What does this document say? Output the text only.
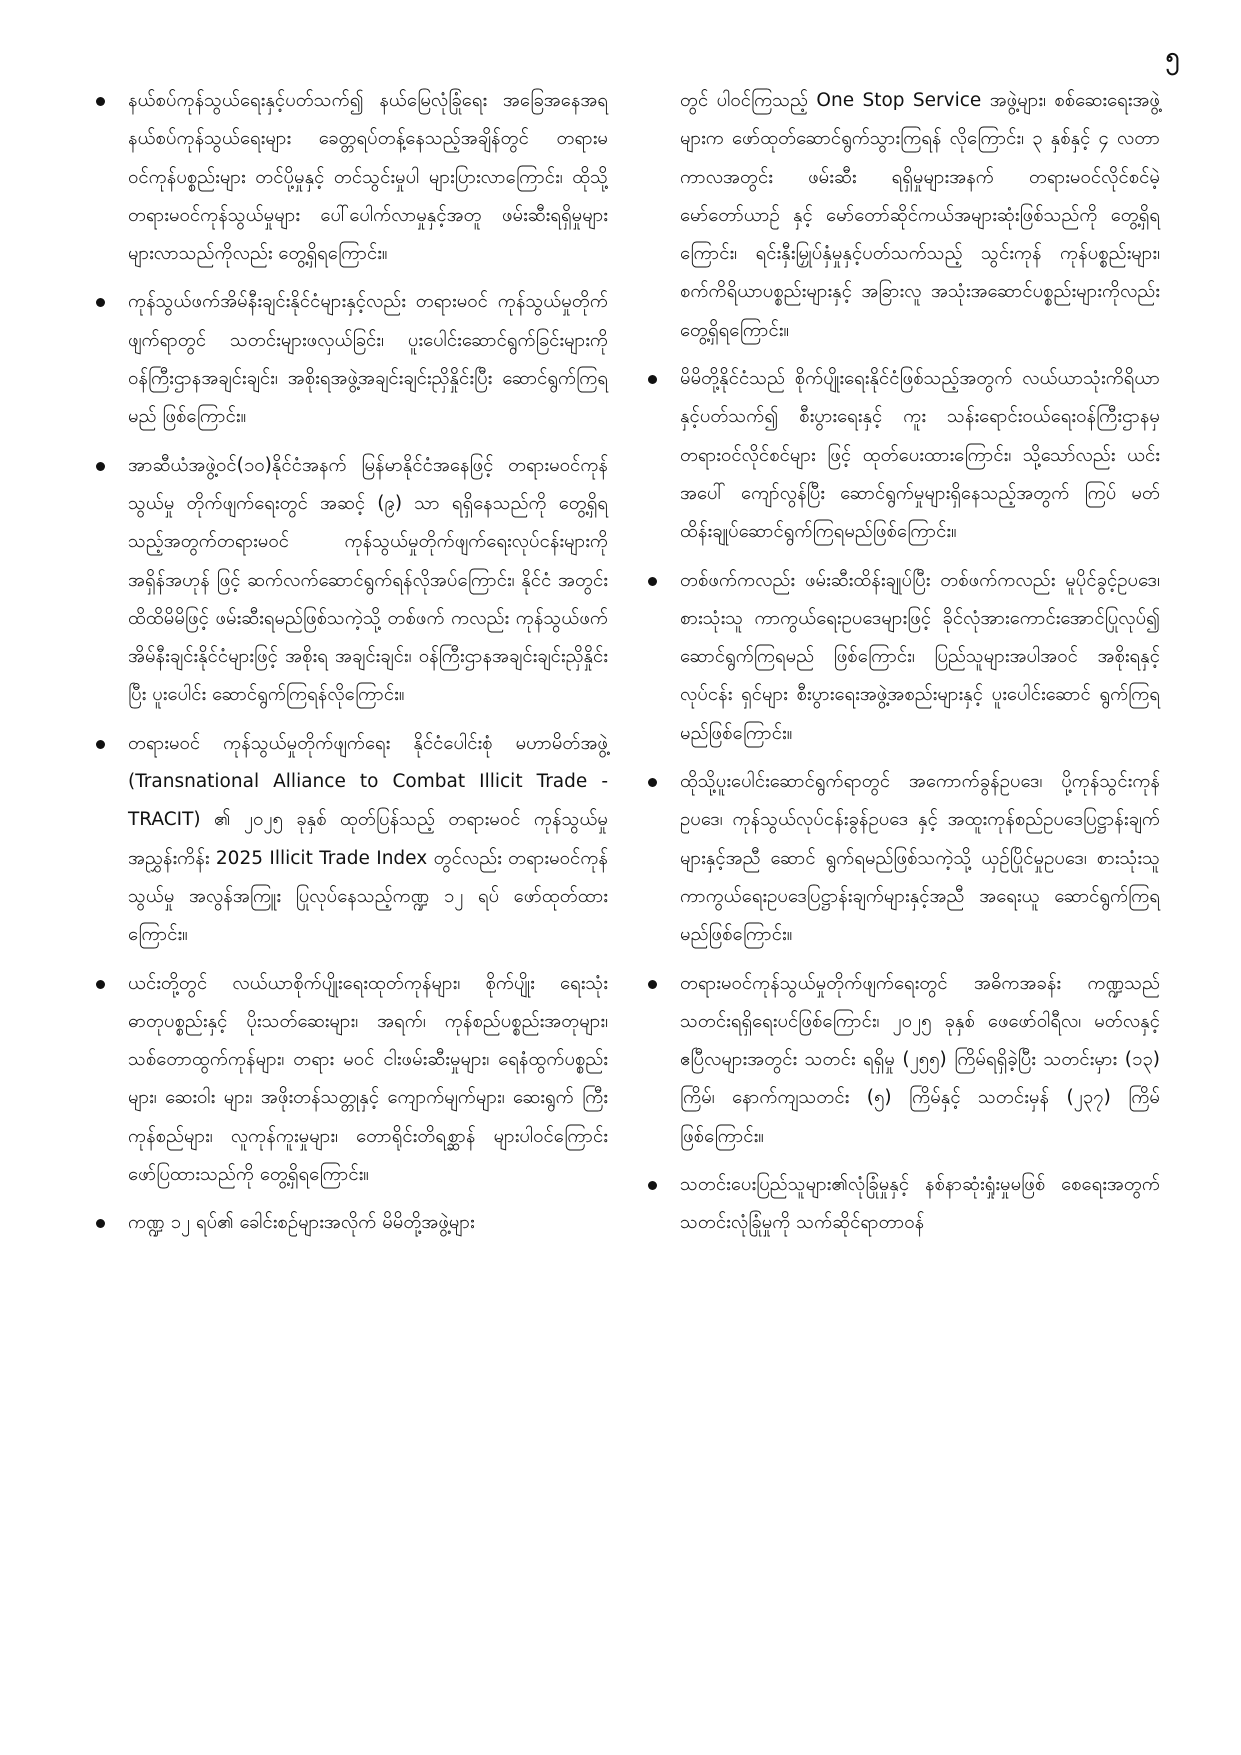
၅
နယ်စပ်ကုန်သွယ်ရေးနှင့်ပတ်သက်၍ နယ်မြေလုံခြုံရေး အခြေအနေအရ နယ်စပ်ကုန်သွယ်ရေးများ ခေတ္တရပ်တန့်နေသည့်အချိန်တွင် တရားမဝင်ကုန်ပစ္စည်းများ တင်ပို့မှုနှင့် တင်သွင်းမှုပါ များပြားလာကြောင်း၊ ထိုသို့ တရားမဝင်ကုန်သွယ်မှုများ ပေါ်ပေါက်လာမှုနှင့်အတူ ဖမ်းဆီးရရှိမှုများ များလာသည်ကိုလည်း တွေ့ရှိရကြောင်း။
ကုန်သွယ်ဖက်အိမ်နီးချင်းနိုင်ငံများနှင့်လည်း တရားမဝင် ကုန်သွယ်မှုတိုက်ဖျက်ရာတွင် သတင်းများဖလှယ်ခြင်း၊ ပူးပေါင်းဆောင်ရွက်ခြင်းများကို ဝန်ကြီးဌာနအချင်းချင်း၊ အစိုးရအဖွဲ့အချင်းချင်းညှိနှိုင်းပြီး ဆောင်ရွက်ကြရမည် ဖြစ်ကြောင်း။
အာဆီယံအဖွဲ့ဝင်(၁၀)နိုင်ငံအနက် မြန်မာနိုင်ငံအနေဖြင့် တရားမဝင်ကုန်သွယ်မှု တိုက်ဖျက်ရေးတွင် အဆင့် (၉) သာ ရရှိနေသည်ကို တွေ့ရှိရသည့်အတွက်တရားမဝင် ကုန်သွယ်မှုတိုက်ဖျက်ရေးလုပ်ငန်းများကို အရှိန်အဟုန် ဖြင့် ဆက်လက်ဆောင်ရွက်ရန်လိုအပ်ကြောင်း၊ နိုင်ငံ အတွင်း ထိထိမိမိဖြင့် ဖမ်းဆီးရမည်ဖြစ်သကဲ့သို့ တစ်ဖက် ကလည်း ကုန်သွယ်ဖက်အိမ်နီးချင်းနိုင်ငံများဖြင့် အစိုးရ အချင်းချင်း၊ ဝန်ကြီးဌာနအချင်းချင်းညှိနှိုင်းပြီး ပူးပေါင်း ဆောင်ရွက်ကြရန်လိုကြောင်း။
တရားမဝင် ကုန်သွယ်မှုတိုက်ဖျက်ရေး နိုင်ငံပေါင်းစုံ မဟာမိတ်အဖွဲ့ (Transnational Alliance to Combat Illicit Trade - TRACIT) ၏ ၂၀၂၅ ခုနှစ် ထုတ်ပြန်သည့် တရားမဝင် ကုန်သွယ်မှုအညွှန်းကိန်း 2025 Illicit Trade Index တွင်လည်း တရားမဝင်ကုန်သွယ်မှု အလွန်အကြူး ပြုလုပ်နေသည့်ကဏ္ဍ ၁၂ ရပ် ဖော်ထုတ်ထားကြောင်း။
ယင်းတို့တွင် လယ်ယာစိုက်ပျိုးရေးထုတ်ကုန်များ၊ စိုက်ပျိုး ရေးသုံး ဓာတုပစ္စည်းနှင့် ပိုးသတ်ဆေးများ၊ အရက်၊ ကုန်စည်ပစ္စည်းအတုများ၊ သစ်တောထွက်ကုန်များ၊ တရား မဝင် ငါးဖမ်းဆီးမှုများ၊ ရေနံထွက်ပစ္စည်းများ၊ ဆေးဝါး များ၊ အဖိုးတန်သတ္တုနှင့် ကျောက်မျက်များ၊ ဆေးရွက် ကြီးကုန်စည်များ၊ လူကုန်ကူးမှုများ၊ တောရိုင်းတိရစ္ဆာန် များပါဝင်ကြောင်း ဖော်ပြထားသည်ကို တွေ့ရှိရကြောင်း။
ကဏ္ဍ ၁၂ ရပ်၏ ခေါင်းစဉ်များအလိုက် မိမိတို့အဖွဲ့များ
တွင် ပါဝင်ကြသည့် One Stop Service အဖွဲ့များ၊ စစ်ဆေးရေးအဖွဲ့များက ဖော်ထုတ်ဆောင်ရွက်သွားကြရန် လိုကြောင်း၊ ၃ နှစ်နှင့် ၄ လတာကာလအတွင်း ဖမ်းဆီး ရရှိမှုများအနက် တရားမဝင်လိုင်စင်မဲ့ မော်တော်ယာဉ် နှင့် မော်တော်ဆိုင်ကယ်အများဆုံးဖြစ်သည်ကို တွေ့ရှိရ ကြောင်း၊ ရင်းနှီးမြှုပ်နှံမှုနှင့်ပတ်သက်သည့် သွင်းကုန် ကုန်ပစ္စည်းများ၊ စက်ကိရိယာပစ္စည်းများနှင့် အခြားလူ အသုံးအဆောင်ပစ္စည်းများကိုလည်း တွေ့ရှိရကြောင်း။
မိမိတို့နိုင်ငံသည် စိုက်ပျိုးရေးနိုင်ငံဖြစ်သည့်အတွက် လယ်ယာသုံးကိရိယာနှင့်ပတ်သက်၍ စီးပွားရေးနှင့် ကူး သန်းရောင်းဝယ်ရေးဝန်ကြီးဌာနမှ တရားဝင်လိုင်စင်များ ဖြင့် ထုတ်ပေးထားကြောင်း၊ သို့သော်လည်း ယင်းအပေါ် ကျော်လွန်ပြီး ဆောင်ရွက်မှုများရှိနေသည့်အတွက် ကြပ် မတ်ထိန်းချုပ်ဆောင်ရွက်ကြရမည်ဖြစ်ကြောင်း။
တစ်ဖက်ကလည်း ဖမ်းဆီးထိန်းချုပ်ပြီး တစ်ဖက်ကလည်း မူပိုင်ခွင့်ဥပဒေ၊ စားသုံးသူ ကာကွယ်ရေးဥပဒေများဖြင့် ခိုင်လုံအားကောင်းအောင်ပြုလုပ်၍ ဆောင်ရွက်ကြရမည် ဖြစ်ကြောင်း၊ ပြည်သူများအပါအဝင် အစိုးရနှင့် လုပ်ငန်း ရှင်များ စီးပွားရေးအဖွဲ့အစည်းများနှင့် ပူးပေါင်းဆောင် ရွက်ကြရမည်ဖြစ်ကြောင်း။
ထိုသို့ပူးပေါင်းဆောင်ရွက်ရာတွင် အကောက်ခွန်ဥပဒေ၊ ပို့ကုန်သွင်းကုန်ဥပဒေ၊ ကုန်သွယ်လုပ်ငန်းခွန်ဥပဒေ နှင့် အထူးကုန်စည်ဥပဒေပြဋ္ဌာန်းချက်များနှင့်အညီ ဆောင် ရွက်ရမည်ဖြစ်သကဲ့သို့ ယှဉ်ပြိုင်မှုဥပဒေ၊ စားသုံးသူ ကာကွယ်ရေးဥပဒေပြဋ္ဌာန်းချက်များနှင့်အညီ အရေးယူ ဆောင်ရွက်ကြရမည်ဖြစ်ကြောင်း။
တရားမဝင်ကုန်သွယ်မှုတိုက်ဖျက်ရေးတွင် အဓိကအခန်း ကဏ္ဍသည် သတင်းရရှိရေးပင်ဖြစ်ကြောင်း၊ ၂၀၂၅ ခုနှစ် ဖေဖော်ဝါရီလ၊ မတ်လနှင့် ဧပြီလများအတွင်း သတင်း ရရှိမှု (၂၅၅) ကြိမ်ရရှိခဲ့ပြီး သတင်းမှား (၁၃) ကြိမ်၊ နောက်ကျသတင်း (၅) ကြိမ်နှင့် သတင်းမှန် (၂၃၇) ကြိမ်ဖြစ်ကြောင်း။
သတင်းပေးပြည်သူများ၏လုံခြုံမှုနှင့် နစ်နာဆုံးရှုံးမှုမဖြစ် စေရေးအတွက် သတင်းလုံခြုံမှုကို သက်ဆိုင်ရာတာဝန်
